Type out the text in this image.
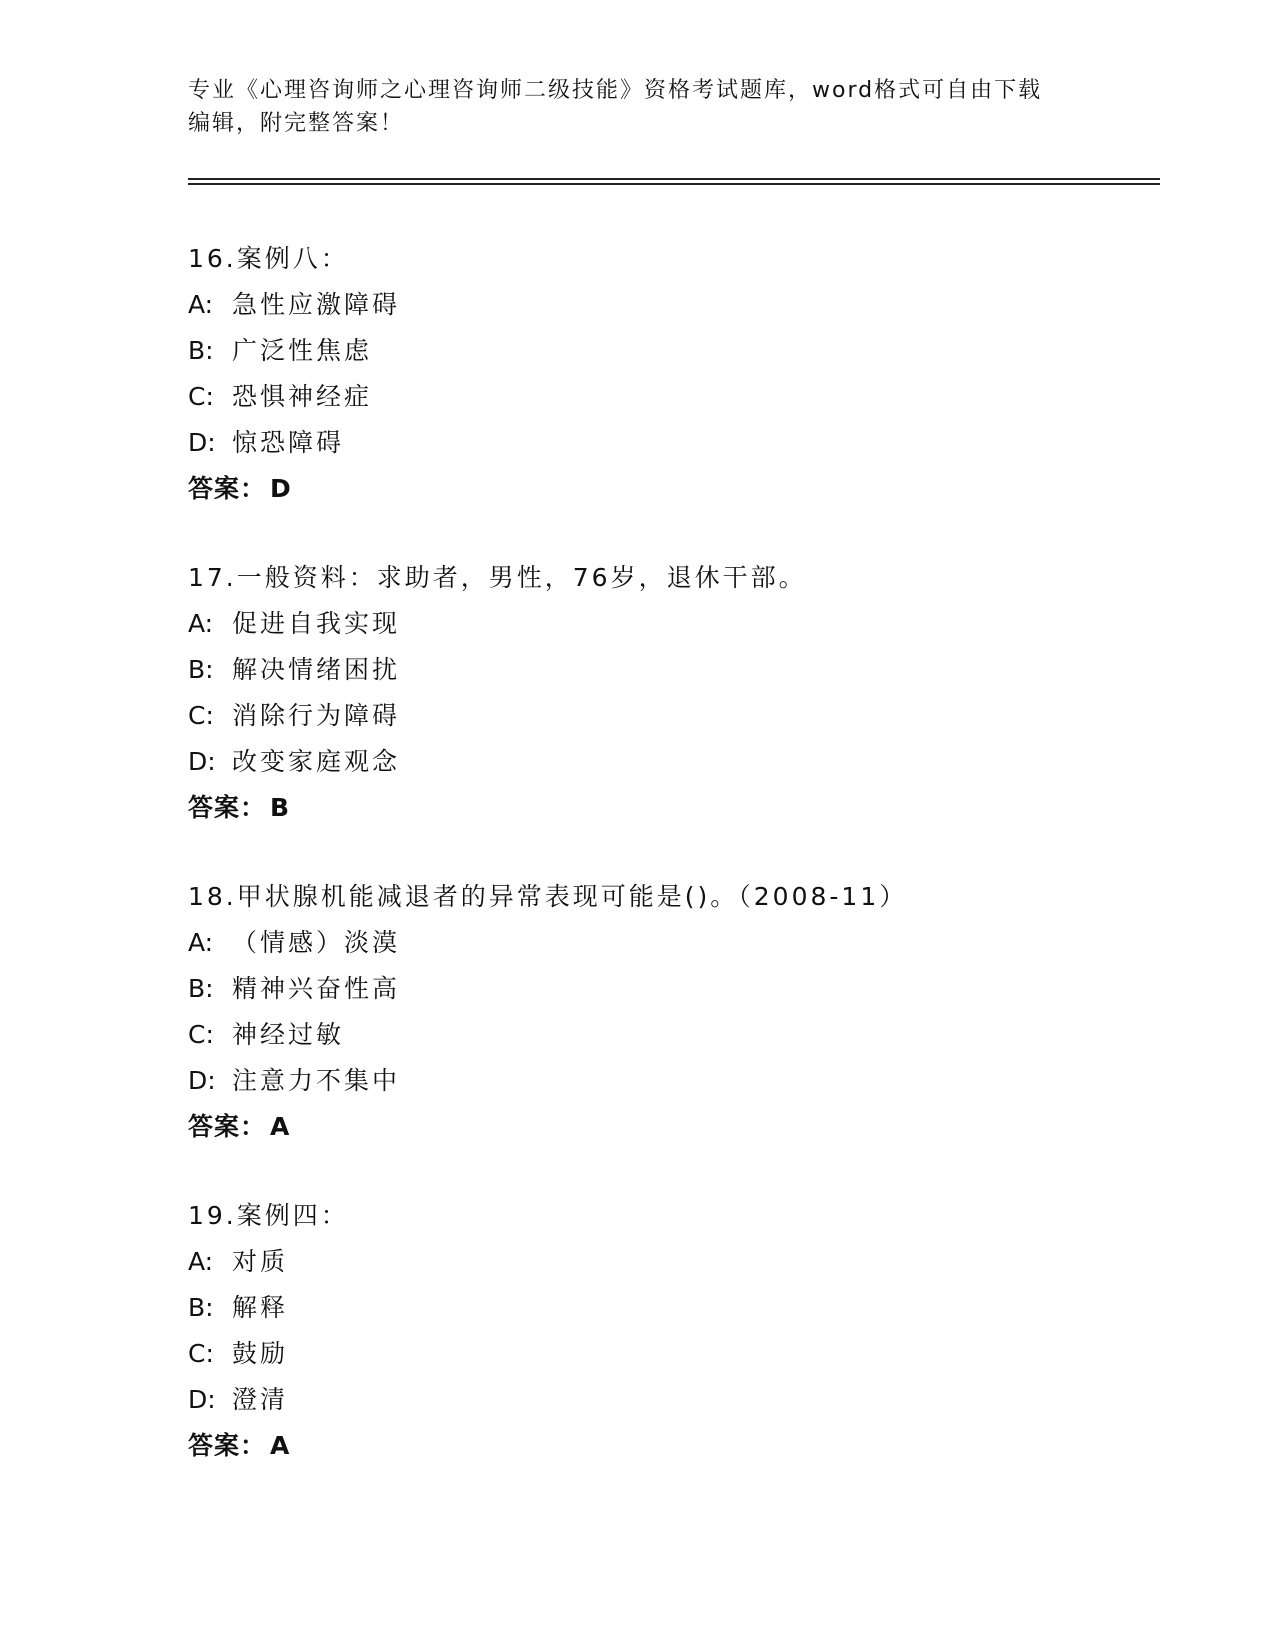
专业《心理咨询师之心理咨询师二级技能》资格考试题库，word格式可自由下载
编辑，附完整答案！
16.案例八：
A: 急性应激障碍
B: 广泛性焦虑
C: 恐惧神经症
D: 惊恐障碍
答案： D
17.一般资料：求助者，男性，76岁，退休干部。
A: 促进自我实现
B: 解决情绪困扰
C: 消除行为障碍
D: 改变家庭观念
答案： B
18.甲状腺机能减退者的异常表现可能是()。（2008-11）
A: （情感）淡漠
B: 精神兴奋性高
C: 神经过敏
D: 注意力不集中
答案： A
19.案例四：
A: 对质
B: 解释
C: 鼓励
D: 澄清
答案： A
